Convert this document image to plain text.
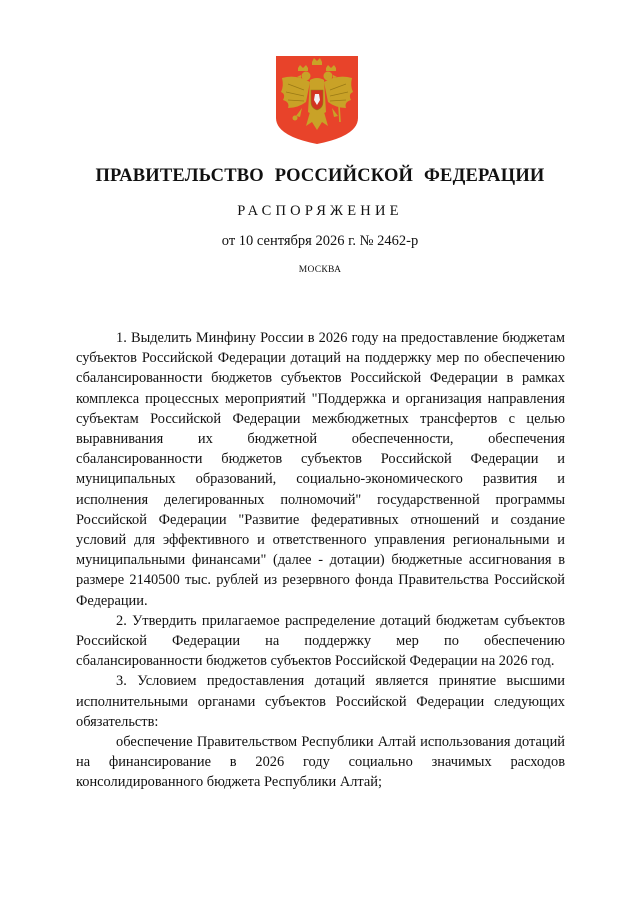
ПРАВИТЕЛЬСТВО РОССИЙСКОЙ ФЕДЕРАЦИИ
РАСПОРЯЖЕНИЕ
от 10 сентября 2026 г. № 2462-р
МОСКВА

1. Выделить Минфину России в 2026 году на предоставление бюджетам субъектов Российской Федерации дотаций на поддержку мер по обеспечению сбалансированности бюджетов субъектов Российской Федерации в рамках комплекса процессных мероприятий "Поддержка и организация направления субъектам Российской Федерации межбюджетных трансфертов с целью выравнивания их бюджетной обеспеченности, обеспечения сбалансированности бюджетов субъектов Российской Федерации и муниципальных образований, социально-экономического развития и исполнения делегированных полномочий" государственной программы Российской Федерации "Развитие федеративных отношений и создание условий для эффективного и ответственного управления региональными и муниципальными финансами" (далее - дотации) бюджетные ассигнования в размере 2140500 тыс. рублей из резервного фонда Правительства Российской Федерации.

2. Утвердить прилагаемое распределение дотаций бюджетам субъектов Российской Федерации на поддержку мер по обеспечению сбалансированности бюджетов субъектов Российской Федерации на 2026 год.

3. Условием предоставления дотаций является принятие высшими исполнительными органами субъектов Российской Федерации следующих обязательств:

обеспечение Правительством Республики Алтай использования дотаций на финансирование в 2026 году социально значимых расходов консолидированного бюджета Республики Алтай;
